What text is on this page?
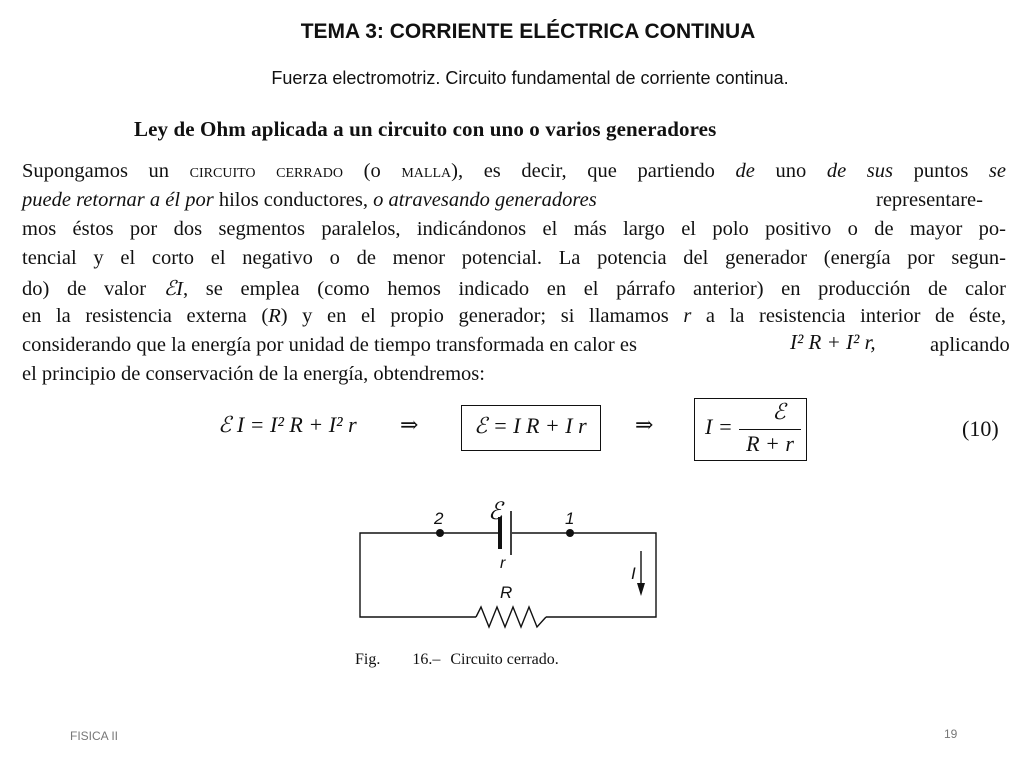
TEMA 3: CORRIENTE ELÉCTRICA CONTINUA
Fuerza electromotriz. Circuito fundamental de corriente continua.
Ley de Ohm aplicada a un circuito con uno o varios generadores
Supongamos un circuito cerrado (o malla), es decir, que partiendo de uno de sus puntos se
puede retornar a él por hilos conductores, o atravesando generadores	representare-
mos éstos por dos segmentos paralelos, indicándonos el más largo el polo positivo o de mayor po-
tencial y el corto el negativo o de menor potencial. La potencia del generador (energía por segun-
do) de valor ℰI, se emplea (como hemos indicado en el párrafo anterior) en producción de calor
en la resistencia externa (R) y en el propio generador; si llamamos r a la resistencia interior de éste,
considerando que la energía por unidad de tiempo transformada en calor es	I² R + I² r,	aplicando
el principio de conservación de la energía, obtendremos:
ℰ I = I² R + I² r ⇒	ℰ = I R + I r ⇒ I =
ℰ
R + r
(10)
2	1
r
I
R
ℰ
Fig. 16.– Circuito cerrado.
FISICA II	19
